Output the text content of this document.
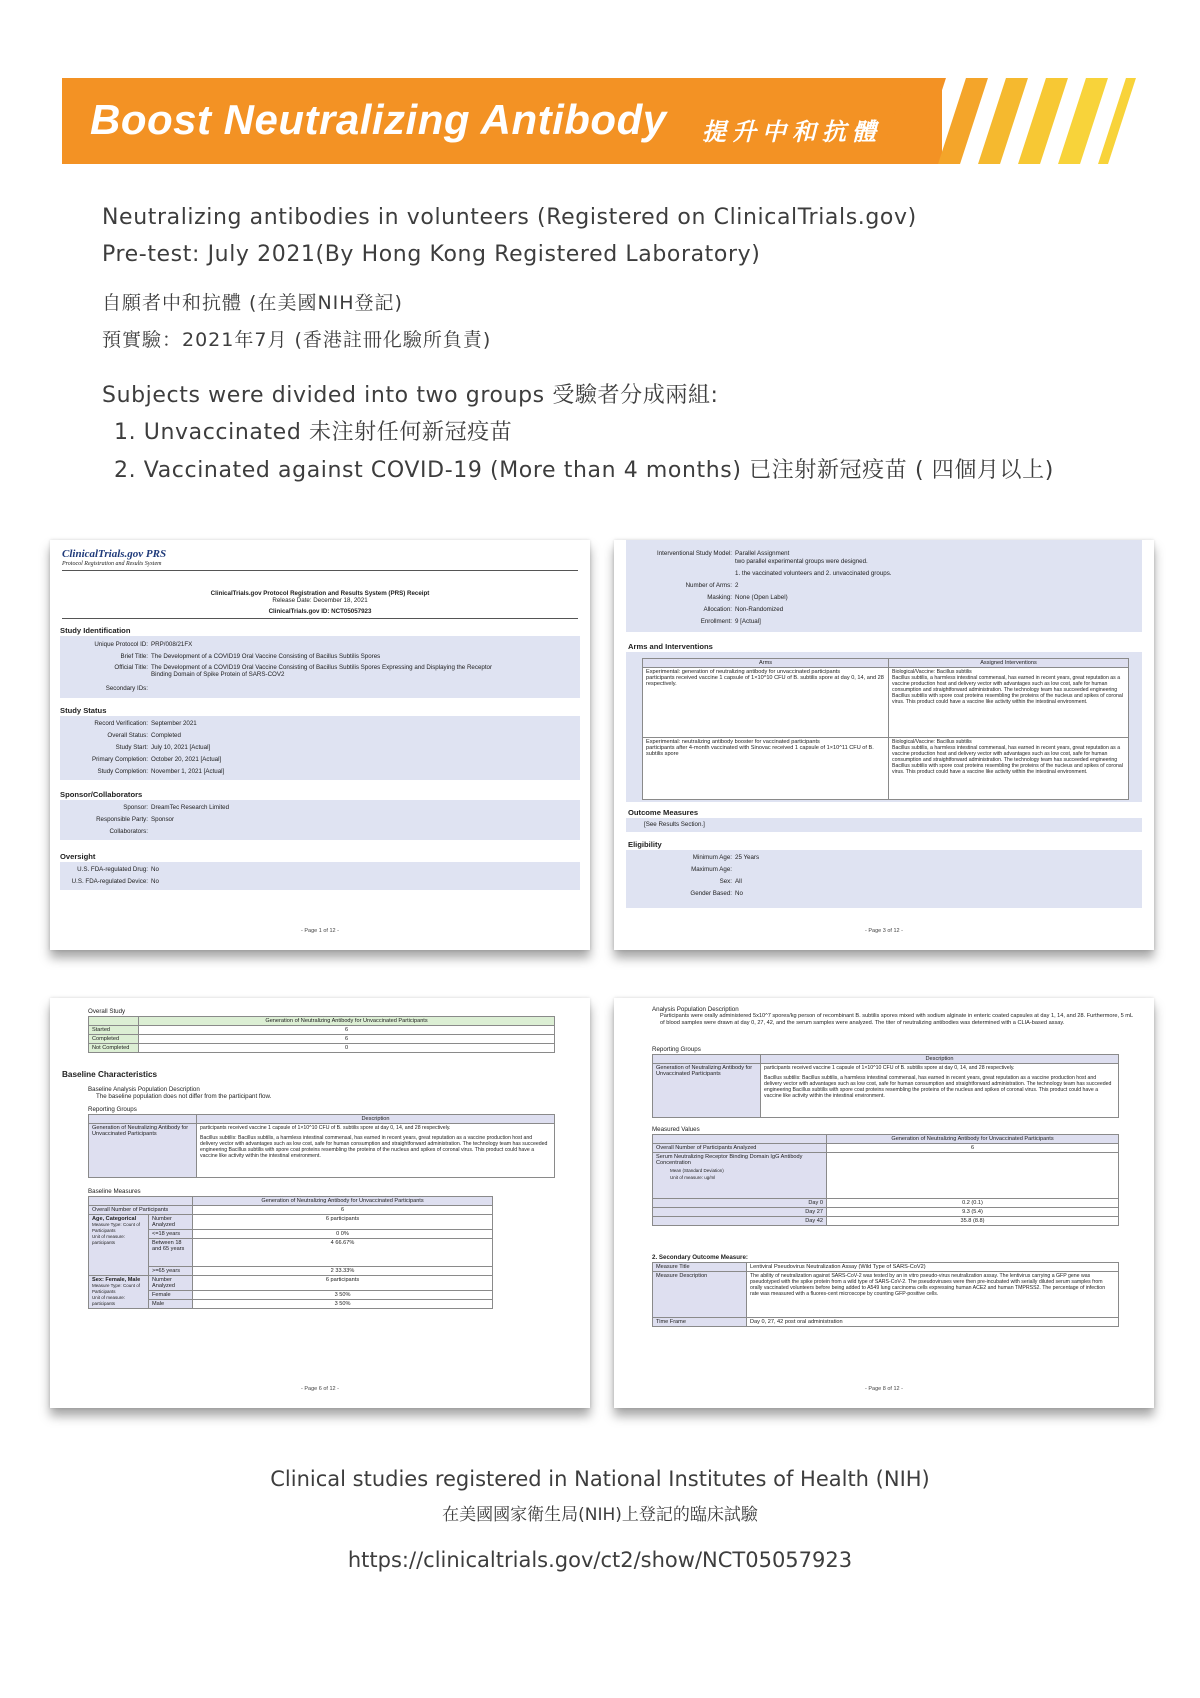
Boost Neutralizing Antibody 提升中和抗體
Neutralizing antibodies in volunteers (Registered on ClinicalTrials.gov)
Pre-test: July 2021(By Hong Kong Registered Laboratory)
自願者中和抗體 (在美國NIH登記)
預實驗：2021年7月 (香港註冊化驗所負責)
Subjects were divided into two groups 受驗者分成兩組:
1. Unvaccinated 未注射任何新冠疫苗
2. Vaccinated against COVID-19 (More than 4 months) 已注射新冠疫苗 ( 四個月以上)
ClinicalTrials.gov PRS
Protocol Registration and Results System
ClinicalTrials.gov Protocol Registration and Results System (PRS) Receipt
Release Date: December 18, 2021
ClinicalTrials.gov ID: NCT05057923
Study Identification
Unique Protocol ID: PRP/008/21FX
Brief Title: The Development of a COVID19 Oral Vaccine Consisting of Bacillus Subtilis Spores
Official Title: The Development of a COVID19 Oral Vaccine Consisting of Bacillus Subtilis Spores Expressing and Displaying the Receptor
Binding Domain of Spike Protein of SARS-COV2
Secondary IDs:
Study Status
Record Verification: September 2021
Overall Status: Completed
Study Start: July 10, 2021 [Actual]
Primary Completion: October 20, 2021 [Actual]
Study Completion: November 1, 2021 [Actual]
Sponsor/Collaborators
Sponsor: DreamTec Research Limited
Responsible Party: Sponsor
Collaborators:
Oversight
U.S. FDA-regulated Drug: No
U.S. FDA-regulated Device: No
- Page 1 of 12 -
Interventional Study Model: Parallel Assignment
two parallel experimental groups were designed.
1. the vaccinated volunteers and 2. unvaccinated groups.
Number of Arms: 2
Masking: None (Open Label)
Allocation: Non-Randomized
Enrollment: 9 [Actual]
Arms and Interventions
Arms	Assigned Interventions
Experimental: generation of neutralizing antibody for unvaccinated participants
participants received vaccine 1 capsule of 1×10^10 CFU of B. subtilis spore at day 0, 14, and 28 respectively.	Biological/Vaccine: Bacillus subtilis
Bacillus subtilis, a harmless intestinal commensal, has earned in recent years, great reputation as a vaccine production host and delivery vector with advantages such as low cost, safe for human consumption and straightforward administration. The technology team has succeeded engineering Bacillus subtilis with spore coat proteins resembling the proteins of the nucleus and spikes of coronal virus. This product could have a vaccine like activity within the intestinal environment.
Experimental: neutralizing antibody booster for vaccinated participants
participants after 4-month vaccinated with Sinovac received 1 capsule of 1×10^11 CFU of B. subtilis spore	Biological/Vaccine: Bacillus subtilis
Bacillus subtilis, a harmless intestinal commensal, has earned in recent years, great reputation as a vaccine production host and delivery vector with advantages such as low cost, safe for human consumption and straightforward administration. The technology team has succeeded engineering Bacillus subtilis with spore coat proteins resembling the proteins of the nucleus and spikes of coronal virus. This product could have a vaccine like activity within the intestinal environment.
Outcome Measures
[See Results Section.]
Eligibility
Minimum Age: 25 Years
Maximum Age:
Sex: All
Gender Based: No
- Page 3 of 12 -
Overall Study
	Generation of Neutralizing Antibody for Unvaccinated Participants
Started	6
Completed	6
Not Completed	0
Baseline Characteristics
Baseline Analysis Population Description
The baseline population does not differ from the participant flow.
Reporting Groups
	Description
Generation of Neutralizing Antibody for Unvaccinated Participants	participants received vaccine 1 capsule of 1×10^10 CFU of B. subtilis spore at day 0, 14, and 28 respectively.
Bacillus subtilis: Bacillus subtilis, a harmless intestinal commensal, has earned in recent years, great reputation as a vaccine production host and delivery vector with advantages such as low cost, safe for human consumption and straightforward administration. The technology team has succeeded engineering Bacillus subtilis with spore coat proteins resembling the proteins of the nucleus and spikes of coronal virus. This product could have a vaccine like activity within the intestinal environment.
Baseline Measures
		Generation of Neutralizing Antibody for Unvaccinated Participants
Overall Number of Participants		6
Age, Categorical
Measure Type: Count of Participants
Unit of measure: participants	Number Analyzed	6 participants
	<=18 years	0 0%
	Between 18 and 65 years	4 66.67%
	>=65 years	2 33.33%
Sex: Female, Male
Measure Type: Count of Participants
Unit of measure: participants	Number Analyzed	6 participants
	Female	3 50%
	Male	3 50%
- Page 6 of 12 -
Analysis Population Description
Participants were orally administered 5x10^7 spores/kg person of recombinant B. subtilis spores mixed with sodium alginate in enteric coated capsules at day 1, 14, and 28. Furthermore, 5 mL of blood samples were drawn at day 0, 27, 42, and the serum samples were analyzed. The titer of neutralizing antibodies was determined with a CLIA-based assay.
Reporting Groups
	Description
Generation of Neutralizing Antibody for Unvaccinated Participants	participants received vaccine 1 capsule of 1×10^10 CFU of B. subtilis spore at day 0, 14, and 28 respectively.
Bacillus subtilis: Bacillus subtilis, a harmless intestinal commensal, has earned in recent years, great reputation as a vaccine production host and delivery vector with advantages such as low cost, safe for human consumption and straightforward administration. The technology team has succeeded engineering Bacillus subtilis with spore coat proteins resembling the proteins of the nucleus and spikes of coronal virus. This product could have a vaccine like activity within the intestinal environment.
Measured Values
	Generation of Neutralizing Antibody for Unvaccinated Participants
Overall Number of Participants Analyzed	6

Serum Neutralizing Receptor Binding Domain IgG Antibody Concentration
Mean (Standard Deviation)
Unit of measure: ug/ml	

Day 0	0.2 (0.1)
Day 27	9.3 (5.4)
Day 42	35.8 (8.8)
2. Secondary Outcome Measure:
Measure Title	Lentiviral Pseudovirus Neutralization Assay (Wild Type of SARS-CoV2)
Measure Description	The ability of neutralization against SARS-CoV-2 was tested by an in vitro pseudo-virus neutralization assay. The lentivirus carrying a GFP gene was pseudotyped with the spike protein from a wild type of SARS-CoV-2. The pseudoviruses were then pre-incubated with serially diluted serum samples from orally vaccinated volunteers before being added to A549 lung carcinoma cells expressing human ACE2 and human TMPRSS2. The percentage of infection rate was measured with a fluores-cent microscope by counting GFP-positive cells.
Time Frame	Day 0, 27, 42 post oral administration
- Page 8 of 12 -
Clinical studies registered in National Institutes of Health (NIH)
在美國國家衛生局(NIH)上登記的臨床試驗
https://clinicaltrials.gov/ct2/show/NCT05057923
